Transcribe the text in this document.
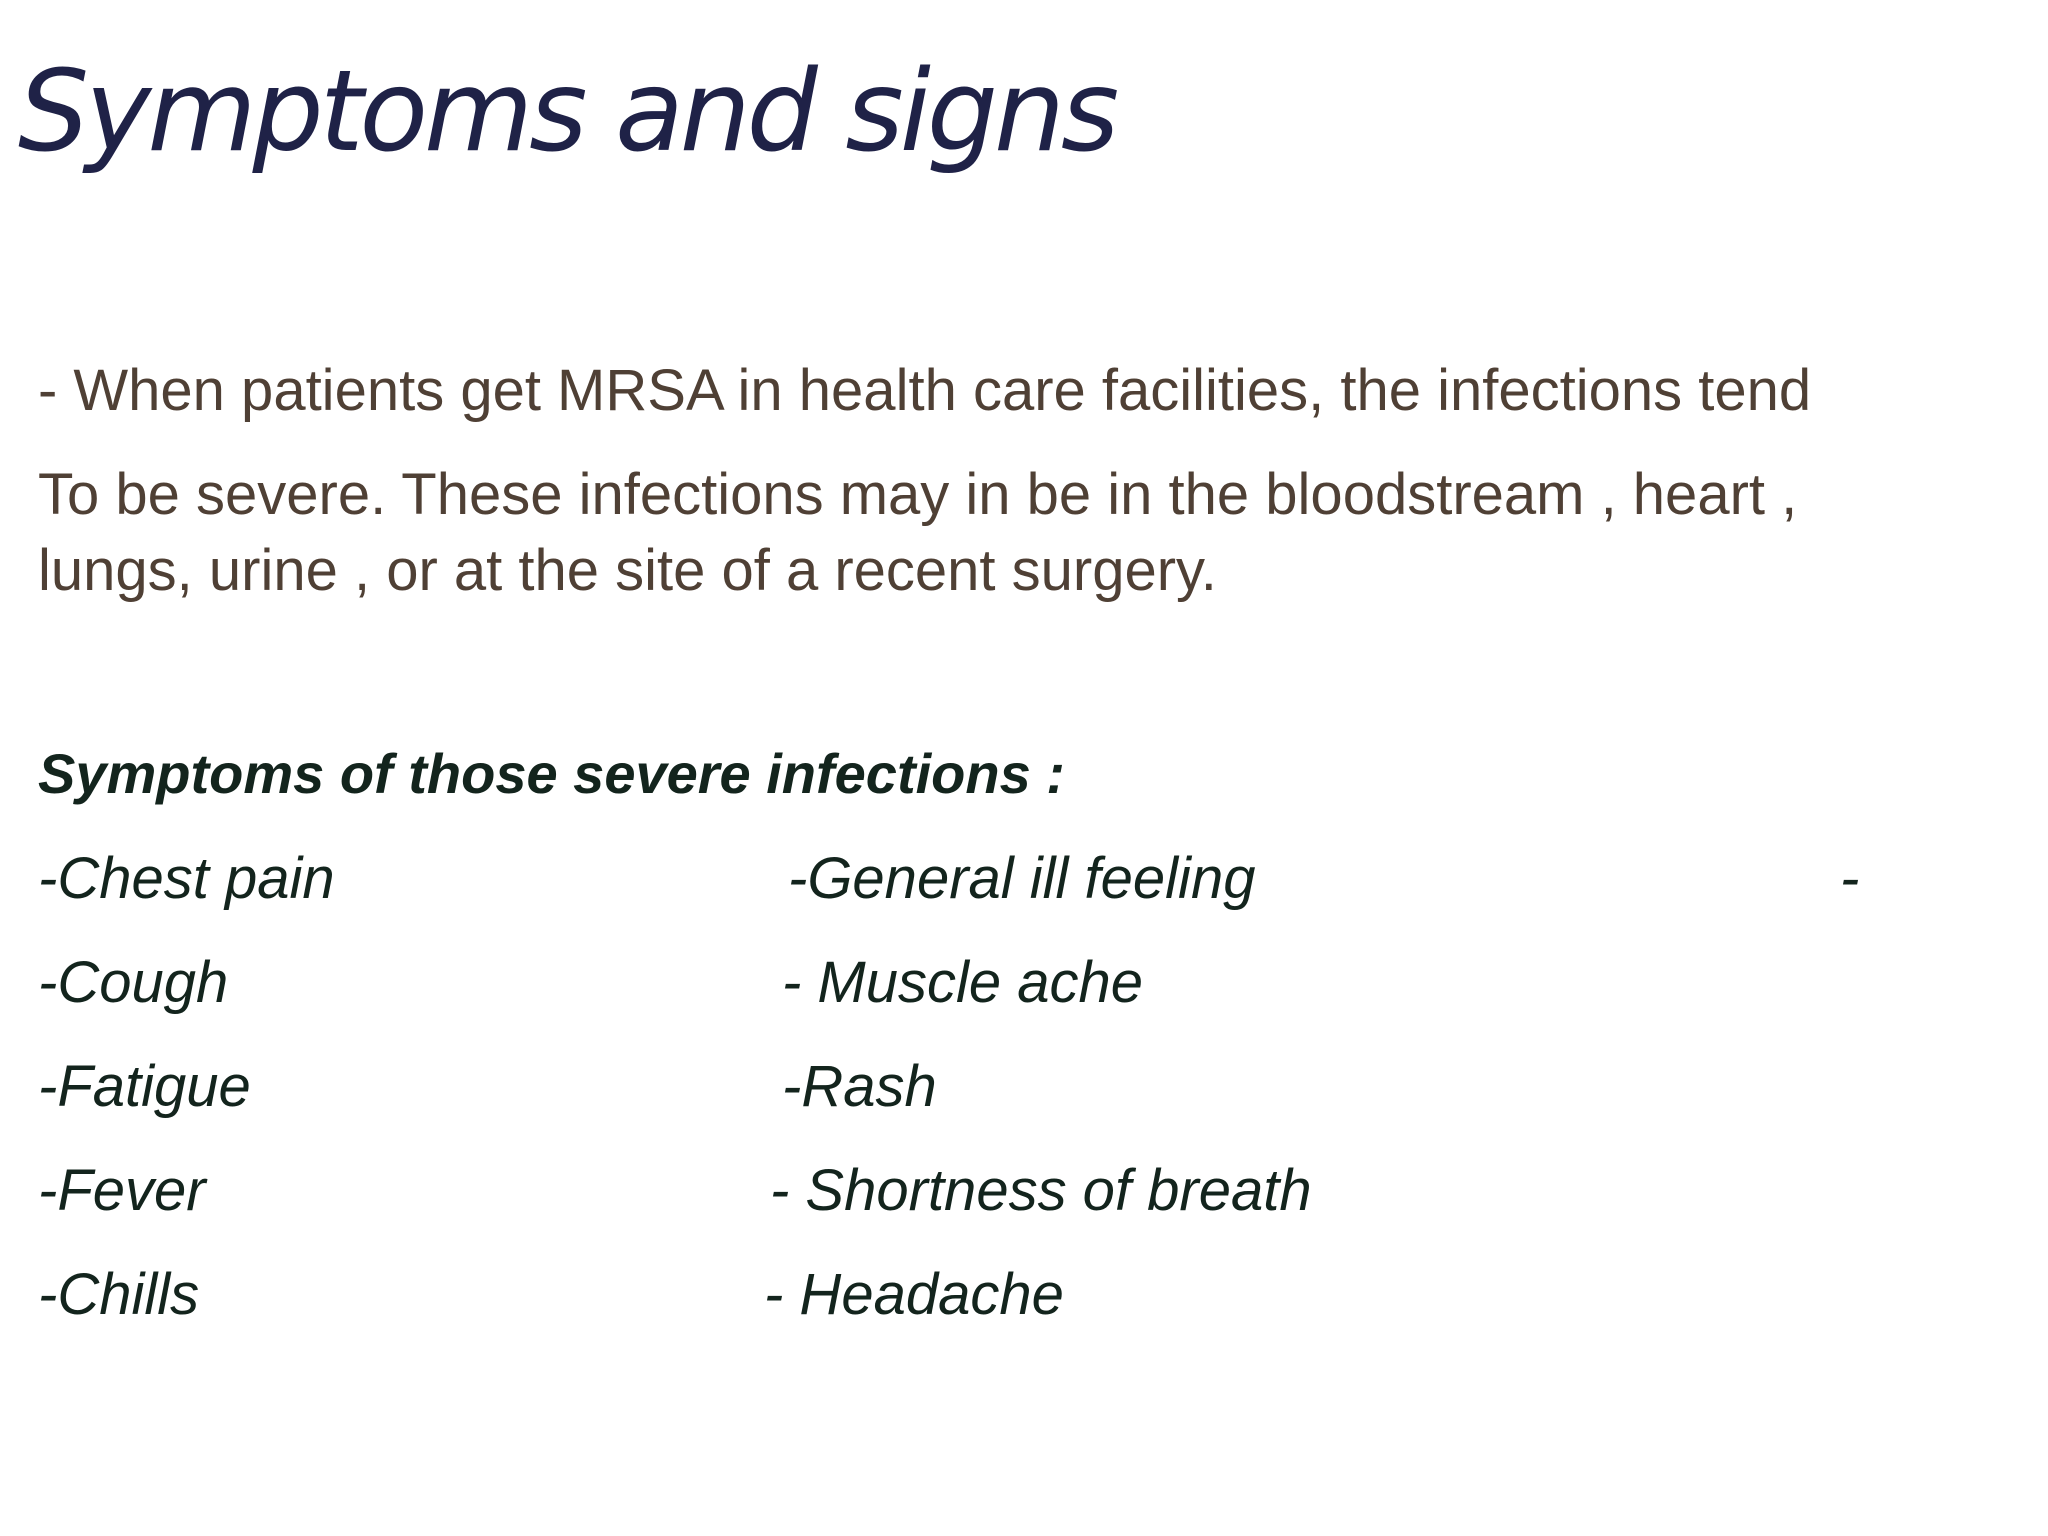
Symptoms and signs
- When patients get MRSA in health care facilities, the infections tend
To be severe. These infections may in be in the bloodstream , heart ,
lungs, urine , or at the site of a recent surgery.
Symptoms of those severe infections :
-Chest pain
-Cough
-Fatigue
-Fever
-Chills
-General ill feeling
- Muscle ache
-Rash
- Shortness of breath
- Headache
-
